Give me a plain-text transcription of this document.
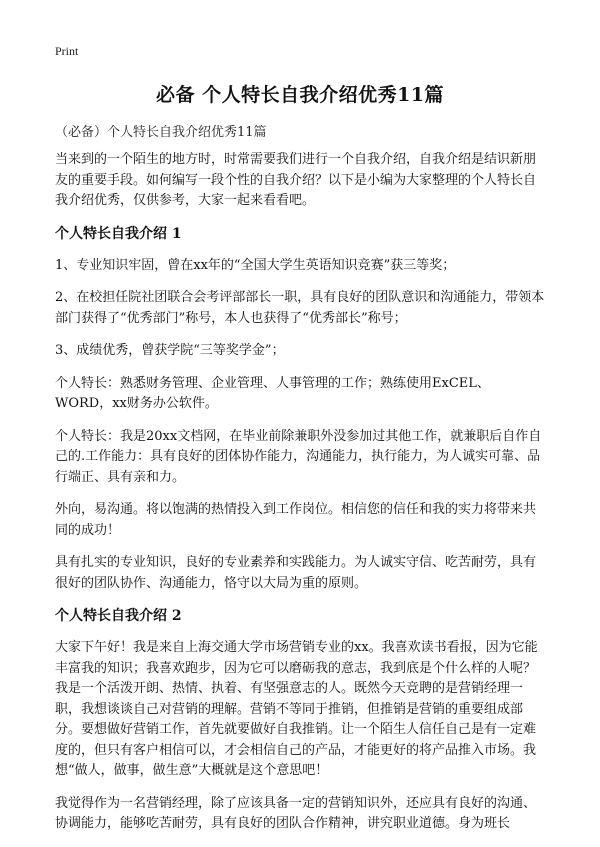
Print
必备 个人特长自我介绍优秀11篇
（必备）个人特长自我介绍优秀11篇

当来到的一个陌生的地方时，时常需要我们进行一个自我介绍，自我介绍是结识新朋友的重要手段。如何编写一段个性的自我介绍？以下是小编为大家整理的个人特长自我介绍优秀，仅供参考，大家一起来看看吧。

个人特长自我介绍 1

1、专业知识牢固，曾在xx年的“全国大学生英语知识竞赛”获三等奖；

2、在校担任院社团联合会考评部部长一职，具有良好的团队意识和沟通能力，带领本部门获得了“优秀部门”称号，本人也获得了“优秀部长”称号；

3、成绩优秀，曾获学院“三等奖学金”；

个人特长：熟悉财务管理、企业管理、人事管理的工作；熟练使用ExCEL、WORD，xx财务办公软件。

个人特长：我是20xx文档网，在毕业前除兼职外没参加过其他工作，就兼职后自作自己的.工作能力：具有良好的团体协作能力，沟通能力，执行能力，为人诚实可靠、品行端正、具有亲和力。

外向，易沟通。将以饱满的热情投入到工作岗位。相信您的信任和我的实力将带来共同的成功！

具有扎实的专业知识，良好的专业素养和实践能力。为人诚实守信、吃苦耐劳，具有很好的团队协作、沟通能力，恪守以大局为重的原则。

个人特长自我介绍 2

大家下午好！我是来自上海交通大学市场营销专业的xx。我喜欢读书看报，因为它能丰富我的知识；我喜欢跑步，因为它可以磨砺我的意志，我到底是个什么样的人呢？我是一个活泼开朗、热情、执着、有坚强意志的人。既然今天竞聘的是营销经理一职，我想谈谈自己对营销的理解。营销不等同于推销，但推销是营销的重要组成部分。要想做好营销工作，首先就要做好自我推销。让一个陌生人信任自己是有一定难度的，但只有客户相信可以，才会相信自己的产品，才能更好的将产品推入市场。我想“做人，做事，做生意”大概就是这个意思吧！

我觉得作为一名营销经理，除了应该具备一定的营销知识外，还应具有良好的沟通、协调能力，能够吃苦耐劳，具有良好的团队合作精神，讲究职业道德。身为班长
